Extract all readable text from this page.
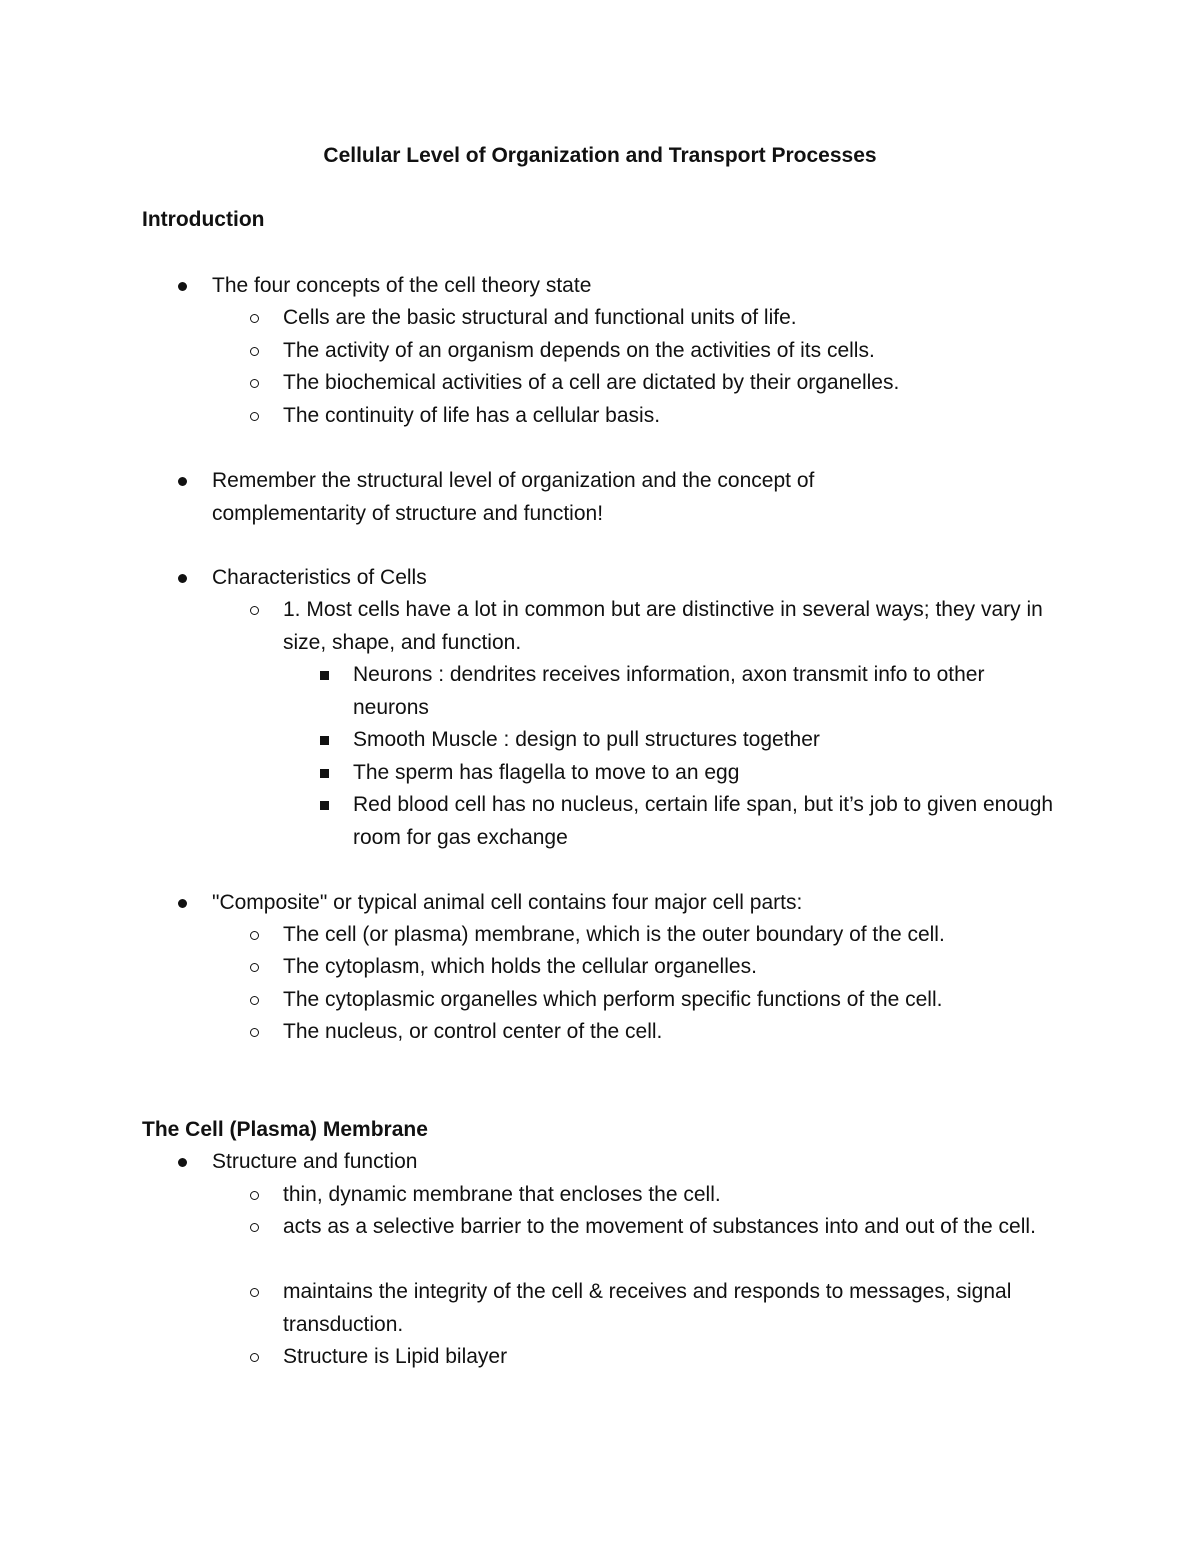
Cellular Level of Organization and Transport Processes
Introduction
The four concepts of the cell theory state
Cells are the basic structural and functional units of life.
The activity of an organism depends on the activities of its cells.
The biochemical activities of a cell are dictated by their organelles.
The continuity of life has a cellular basis.
Remember the structural level of organization and the concept of complementarity of structure and function!
Characteristics of Cells
1. Most cells have a lot in common but are distinctive in several ways; they vary in size, shape, and function.
Neurons : dendrites receives information, axon transmit info to other neurons
Smooth Muscle : design to pull structures together
The sperm has flagella to move to an egg
Red blood cell has no nucleus, certain life span, but it’s job to given enough room for gas exchange
"Composite" or typical animal cell contains four major cell parts:
The cell (or plasma) membrane, which is the outer boundary of the cell.
The cytoplasm, which holds the cellular organelles.
The cytoplasmic organelles which perform specific functions of the cell.
The nucleus, or control center of the cell.
The Cell (Plasma) Membrane
Structure and function
thin, dynamic membrane that encloses the cell.
acts as a selective barrier to the movement of substances into and out of the cell.
maintains the integrity of the cell & receives and responds to messages, signal transduction.
Structure is Lipid bilayer
